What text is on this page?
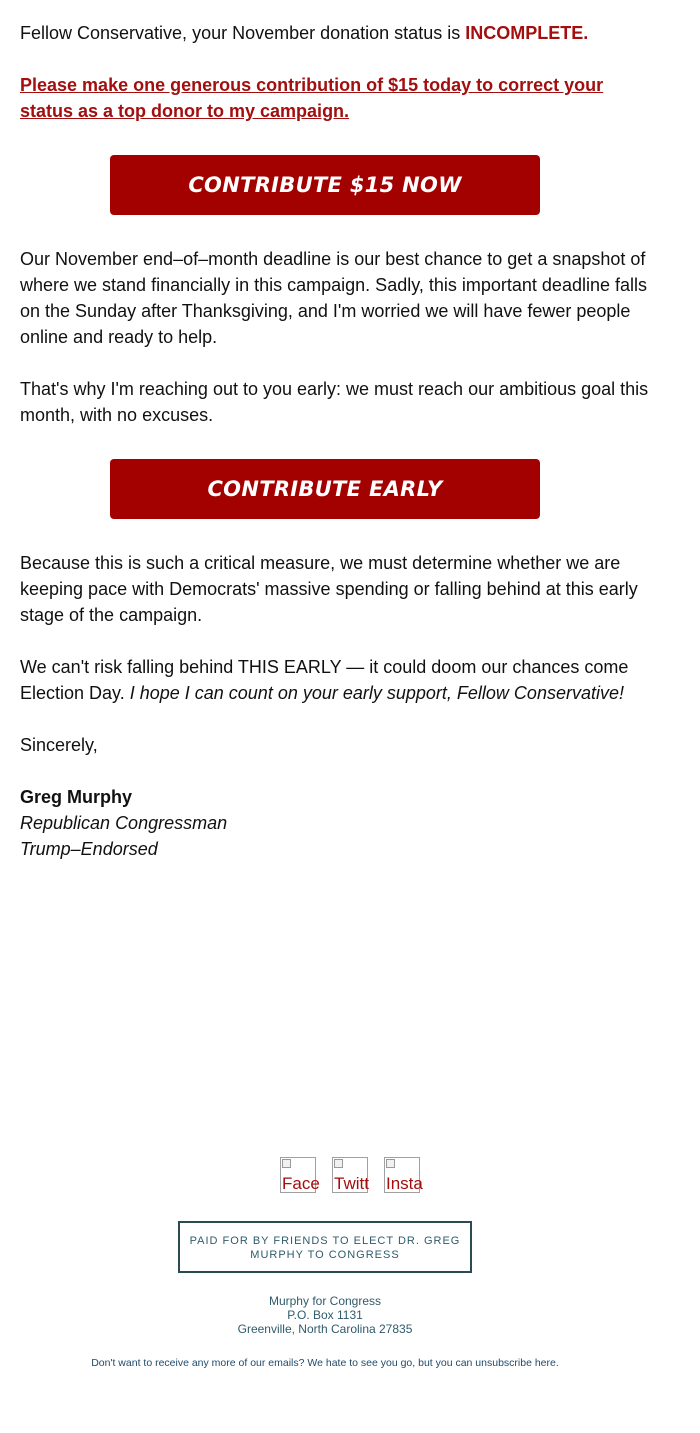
Fellow Conservative, your November donation status is INCOMPLETE.

Please make one generous contribution of $15 today to correct your status as a top donor to my campaign.
CONTRIBUTE $15 NOW

Our November end–of–month deadline is our best chance to get a snapshot of where we stand financially in this campaign. Sadly, this important deadline falls on the Sunday after Thanksgiving, and I'm worried we will have fewer people online and ready to help.

That's why I'm reaching out to you early: we must reach our ambitious goal this month, with no excuses.

CONTRIBUTE EARLY

Because this is such a critical measure, we must determine whether we are keeping pace with Democrats' massive spending or falling behind at this early stage of the campaign.

We can't risk falling behind THIS EARLY — it could doom our chances come Election Day. I hope I can count on your early support, Fellow Conservative!

Sincerely,

Greg Murphy
Republican Congressman
Trump–Endorsed
Face
Twitt
Insta
PAID FOR BY FRIENDS TO ELECT DR. GREG MURPHY TO CONGRESS
Murphy for Congress
P.O. Box 1131
Greenville, North Carolina 27835
Don't want to receive any more of our emails? We hate to see you go, but you can unsubscribe here.
